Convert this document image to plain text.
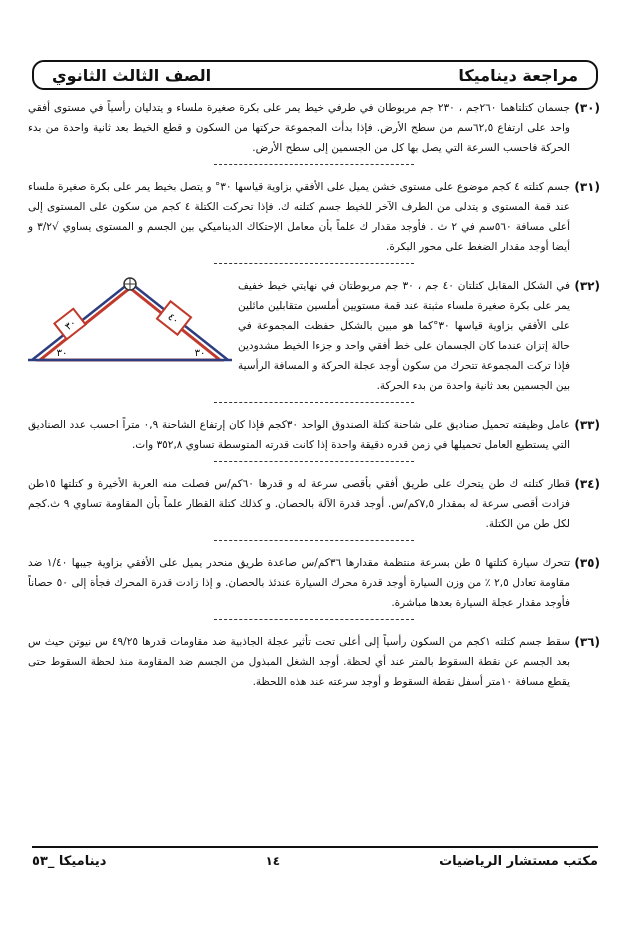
مراجعة ديناميكا
الصف الثالث الثانوي
(٣٠)
جسمان كتلتاهما ٢٦٠جم ، ٢٣٠ جم مربوطان في طرفي خيط يمر على بكرة صغيرة ملساء و يتدليان رأسياً في مستوى أفقي واحد على ارتفاع ٦٢,٥سم من سطح الأرض. فإذا بدأت المجموعة حركتها من السكون و قطع الخيط بعد ثانية واحدة من بدء الحركة فاحسب السرعة التي يصل بها كل من الجسمين إلى سطح الأرض.
(٣١)
جسم كتلته ٤ كجم موضوع على مستوى خشن يميل على الأفقي بزاوية قياسها ٣٠° و يتصل بخيط يمر على بكرة صغيرة ملساء عند قمة المستوى و يتدلى من الطرف الآخر للخيط جسم كتلته ك. فإذا تحركت الكتلة ٤ كجم من سكون على المستوى إلى أعلى مسافة ٥٦٠سم في ٢ ث . فأوجد مقدار ك علماً بأن معامل الإحتكاك الديناميكي بين الجسم و المستوى يساوي √٣/٢ و أيضا أوجد مقدار الضغط على محور البكرة.
(٣٢)
٣٠	٤٠
٣٠	٣٠
في الشكل المقابل كتلتان ٤٠ جم ، ٣٠ جم مربوطتان في نهايتي خيط خفيف يمر على بكرة صغيرة ملساء مثبتة عند قمة مستويين أملسين متقابلين مائلين على الأفقي بزاوية قياسها ٣٠°كما هو مبين بالشكل حفظت المجموعة في حالة إتزان عندما كان الجسمان على خط أفقي واحد و جزءا الخيط مشدودين فإذا تركت المجموعة تتحرك من سكون أوجد عجلة الحركة و المسافة الرأسية بين الجسمين بعد ثانية واحدة من بدء الحركة.
(٣٣)
عامل وظيفته تحميل صناديق على شاحنة كتلة الصندوق الواحد ٣٠كجم فإذا كان إرتفاع الشاحنة ٠,٩ متراً احسب عدد الصناديق التي يستطيع العامل تحميلها في زمن قدره دقيقة واحدة إذا كانت قدرته المتوسطة تساوي ٣٥٢,٨ وات.
(٣٤)
قطار كتلته ك طن يتحرك على طريق أفقي بأقصى سرعة له و قدرها ٦٠كم/س فصلت منه العربة الأخيرة و كتلتها ١٥طن فزادت أقصى سرعة له بمقدار ٧,٥كم/س. أوجد قدرة الآلة بالحصان. و كذلك كتلة القطار علماً بأن المقاومة تساوي ٩ ث.كجم لكل طن من الكتلة.
(٣٥)
تتحرك سيارة كتلتها ٥ طن بسرعة منتظمة مقدارها ٣٦كم/س صاعدة طريق منحدر يميل على الأفقي بزاوية جيبها ١/٤٠ ضد مقاومة تعادل ٢,٥ ٪ من وزن السيارة أوجد قدرة محرك السيارة عندئذ بالحصان. و إذا زادت قدرة المحرك فجأة إلى ٥٠ حصاناً فأوجد مقدار عجلة السيارة بعدها مباشرة.
(٣٦)
سقط جسم كتلته ١كجم من السكون رأسياً إلى أعلى تحت تأثير عجلة الجاذبية ضد مقاومات قدرها ٤٩/٢٥ س نيوتن حيث س بعد الجسم عن نقطة السقوط بالمتر عند أي لحظة. أوجد الشغل المبذول من الجسم ضد المقاومة منذ لحظة السقوط حتى يقطع مسافة ١٠متر أسفل نقطة السقوط و أوجد سرعته عند هذه اللحظة.
مكتب مستشار الرياضيات
١٤
ديناميكا _٥٣
